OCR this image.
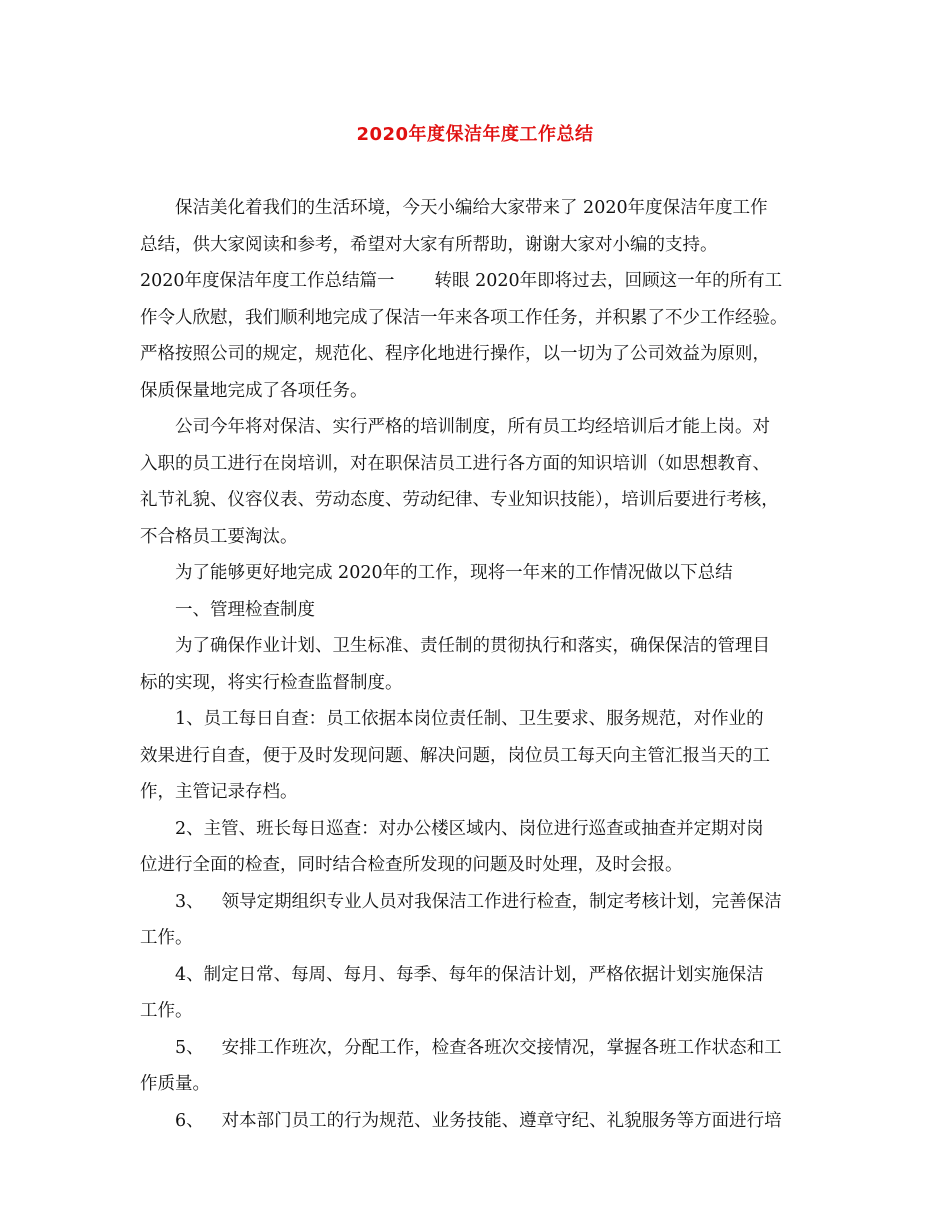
2020年度保洁年度工作总结
保洁美化着我们的生活环境，今天小编给大家带来了 2020年度保洁年度工作
总结，供大家阅读和参考，希望对大家有所帮助，谢谢大家对小编的支持。
2020年度保洁年度工作总结篇一 转眼 2020年即将过去，回顾这一年的所有工
作令人欣慰，我们顺利地完成了保洁一年来各项工作任务，并积累了不少工作经验。
严格按照公司的规定，规范化、程序化地进行操作，以一切为了公司效益为原则，
保质保量地完成了各项任务。
公司今年将对保洁、实行严格的培训制度，所有员工均经培训后才能上岗。对
入职的员工进行在岗培训，对在职保洁员工进行各方面的知识培训（如思想教育、
礼节礼貌、仪容仪表、劳动态度、劳动纪律、专业知识技能），培训后要进行考核，
不合格员工要淘汰。
为了能够更好地完成 2020年的工作，现将一年来的工作情况做以下总结
一、管理检查制度
为了确保作业计划、卫生标准、责任制的贯彻执行和落实，确保保洁的管理目
标的实现，将实行检查监督制度。
1、员工每日自查：员工依据本岗位责任制、卫生要求、服务规范，对作业的
效果进行自查，便于及时发现问题、解决问题，岗位员工每天向主管汇报当天的工
作，主管记录存档。
2、主管、班长每日巡查：对办公楼区域内、岗位进行巡查或抽查并定期对岗
位进行全面的检查，同时结合检查所发现的问题及时处理，及时会报。
3、 领导定期组织专业人员对我保洁工作进行检查，制定考核计划，完善保洁
工作。
4、制定日常、每周、每月、每季、每年的保洁计划，严格依据计划实施保洁
工作。
5、 安排工作班次，分配工作，检查各班次交接情况，掌握各班工作状态和工
作质量。
6、 对本部门员工的行为规范、业务技能、遵章守纪、礼貌服务等方面进行培
